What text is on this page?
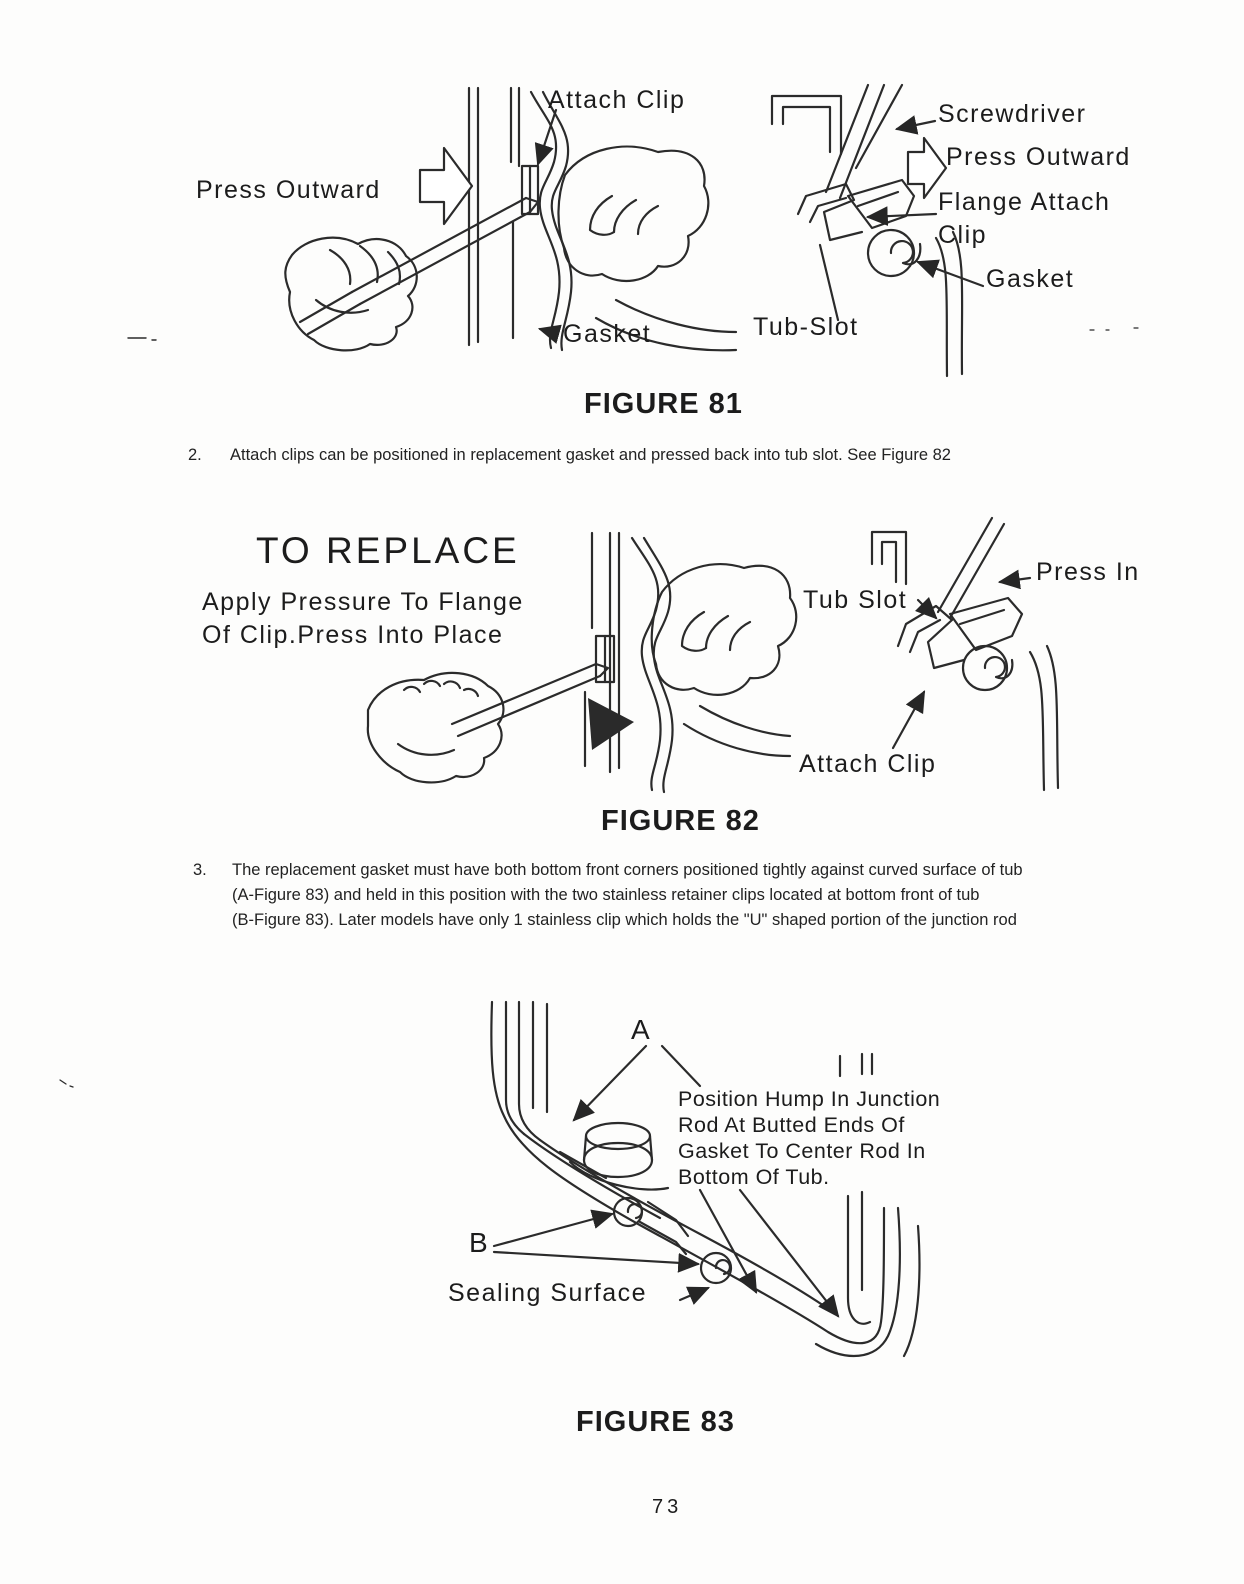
Attach Clip
Press Outward
Gasket
Screwdriver
Press Outward
Flange Attach
Clip
Gasket
Tub-Slot
FIGURE 81
2. Attach clips can be positioned in replacement gasket and pressed back into tub slot. See Figure 82
TO REPLACE
Apply Pressure To Flange
Of Clip.Press Into Place
Tub Slot
Press In
Attach Clip
FIGURE 82
3. The replacement gasket must have both bottom front corners positioned tightly against curved surface of tub
(A-Figure 83) and held in this position with the two stainless retainer clips located at bottom front of tub
(B-Figure 83). Later models have only 1 stainless clip which holds the "U" shaped portion of the junction rod
A
Position Hump In Junction
Rod At Butted Ends Of
Gasket To Center Rod In
Bottom Of Tub.
B
Sealing Surface
FIGURE 83
73
